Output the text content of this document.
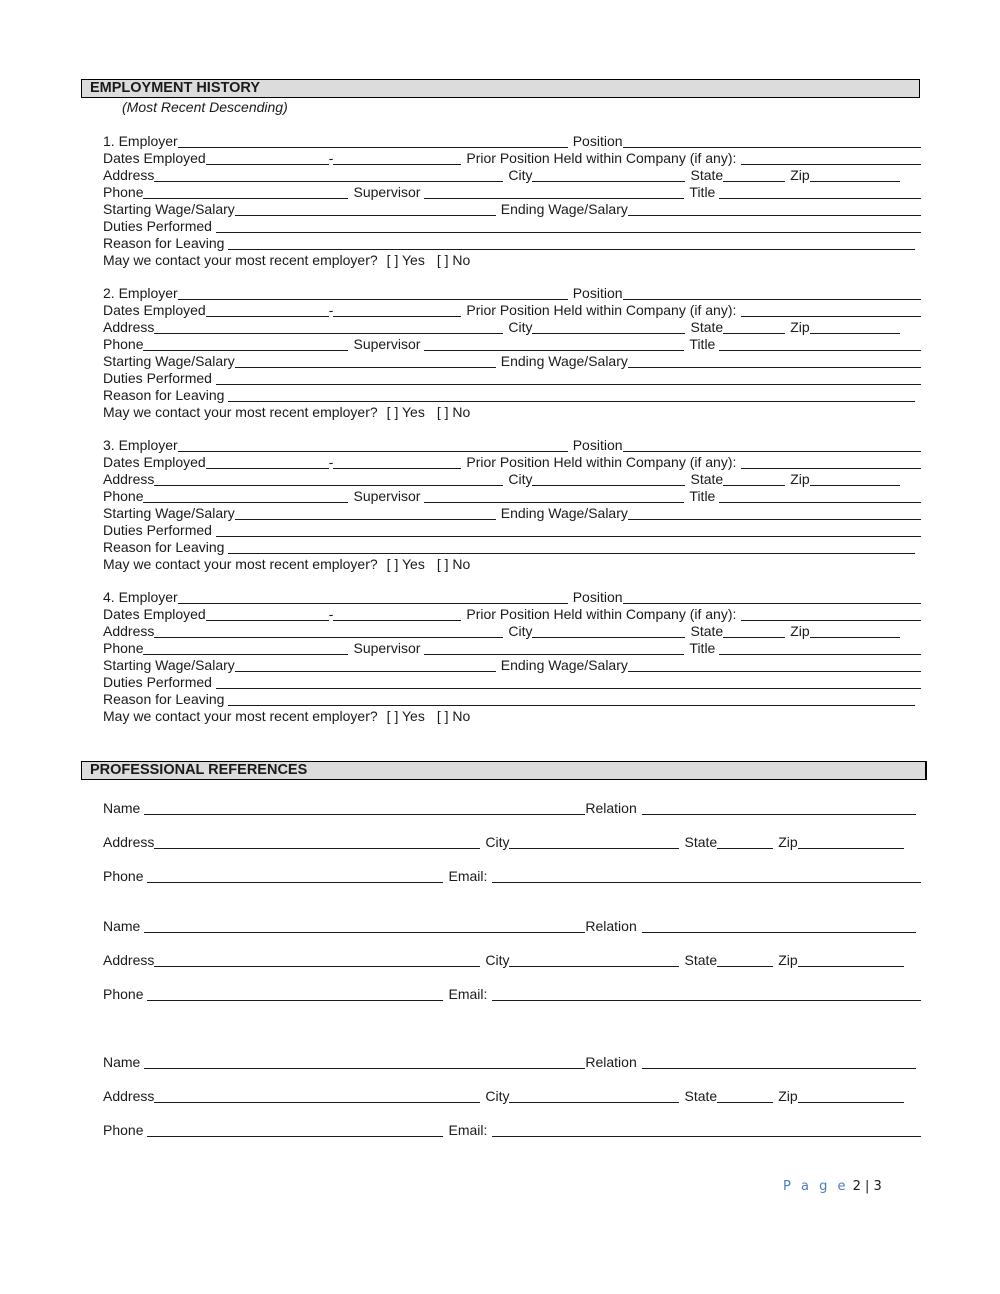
EMPLOYMENT HISTORY
(Most Recent Descending)
1. Employer	Position
Dates Employed	-	Prior Position Held within Company (if any):
Address	City	State	Zip
Phone	Supervisor	Title
Starting Wage/Salary	Ending Wage/Salary
Duties Performed
Reason for Leaving
May we contact your most recent employer? [ ] Yes [ ] No
2. Employer	Position
Dates Employed	-	Prior Position Held within Company (if any):
Address	City	State	Zip
Phone	Supervisor	Title
Starting Wage/Salary	Ending Wage/Salary
Duties Performed
Reason for Leaving
May we contact your most recent employer? [ ] Yes [ ] No
3. Employer	Position
Dates Employed	-	Prior Position Held within Company (if any):
Address	City	State	Zip
Phone	Supervisor	Title
Starting Wage/Salary	Ending Wage/Salary
Duties Performed
Reason for Leaving
May we contact your most recent employer? [ ] Yes [ ] No
4. Employer	Position
Dates Employed	-	Prior Position Held within Company (if any):
Address	City	State	Zip
Phone	Supervisor	Title
Starting Wage/Salary	Ending Wage/Salary
Duties Performed
Reason for Leaving
May we contact your most recent employer? [ ] Yes [ ] No
PROFESSIONAL REFERENCES
Name	Relation
Address	City	State	Zip
Phone	Email:
Name	Relation
Address	City	State	Zip
Phone	Email:
Name	Relation
Address	City	State	Zip
Phone	Email:
P a g e 2 | 3
